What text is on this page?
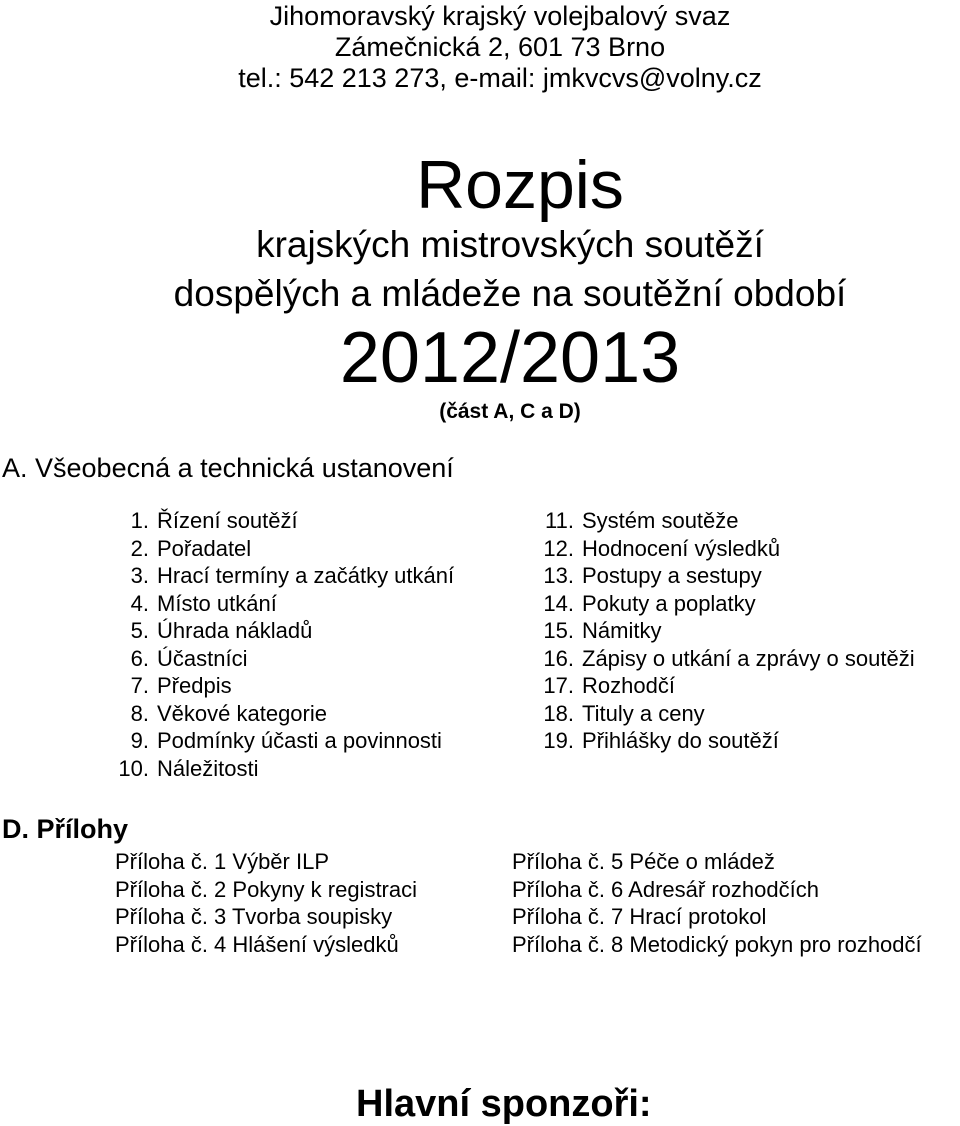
Jihomoravský krajský volejbalový svaz
Zámečnická 2, 601 73 Brno
tel.: 542 213 273, e-mail: jmkvcvs@volny.cz
Rozpis
krajských mistrovských soutěží
dospělých a mládeže na soutěžní období
2012/2013
(část A, C a D)
A. Všeobecná a technická ustanovení
1. Řízení soutěží
2. Pořadatel
3. Hrací termíny a začátky utkání
4. Místo utkání
5. Úhrada nákladů
6. Účastníci
7. Předpis
8. Věkové kategorie
9. Podmínky účasti a povinnosti
10. Náležitosti
11. Systém soutěže
12. Hodnocení výsledků
13. Postupy a sestupy
14. Pokuty a poplatky
15. Námitky
16. Zápisy o utkání a zprávy o soutěži
17. Rozhodčí
18. Tituly a ceny
19. Přihlášky do soutěží
D. Přílohy
Příloha č. 1 Výběr ILP
Příloha č. 2 Pokyny k registraci
Příloha č. 3 Tvorba soupisky
Příloha č. 4 Hlášení výsledků
Příloha č. 5 Péče o mládež
Příloha č. 6 Adresář rozhodčích
Příloha č. 7 Hrací protokol
Příloha č. 8 Metodický pokyn pro rozhodčí
Hlavní sponzoři:
